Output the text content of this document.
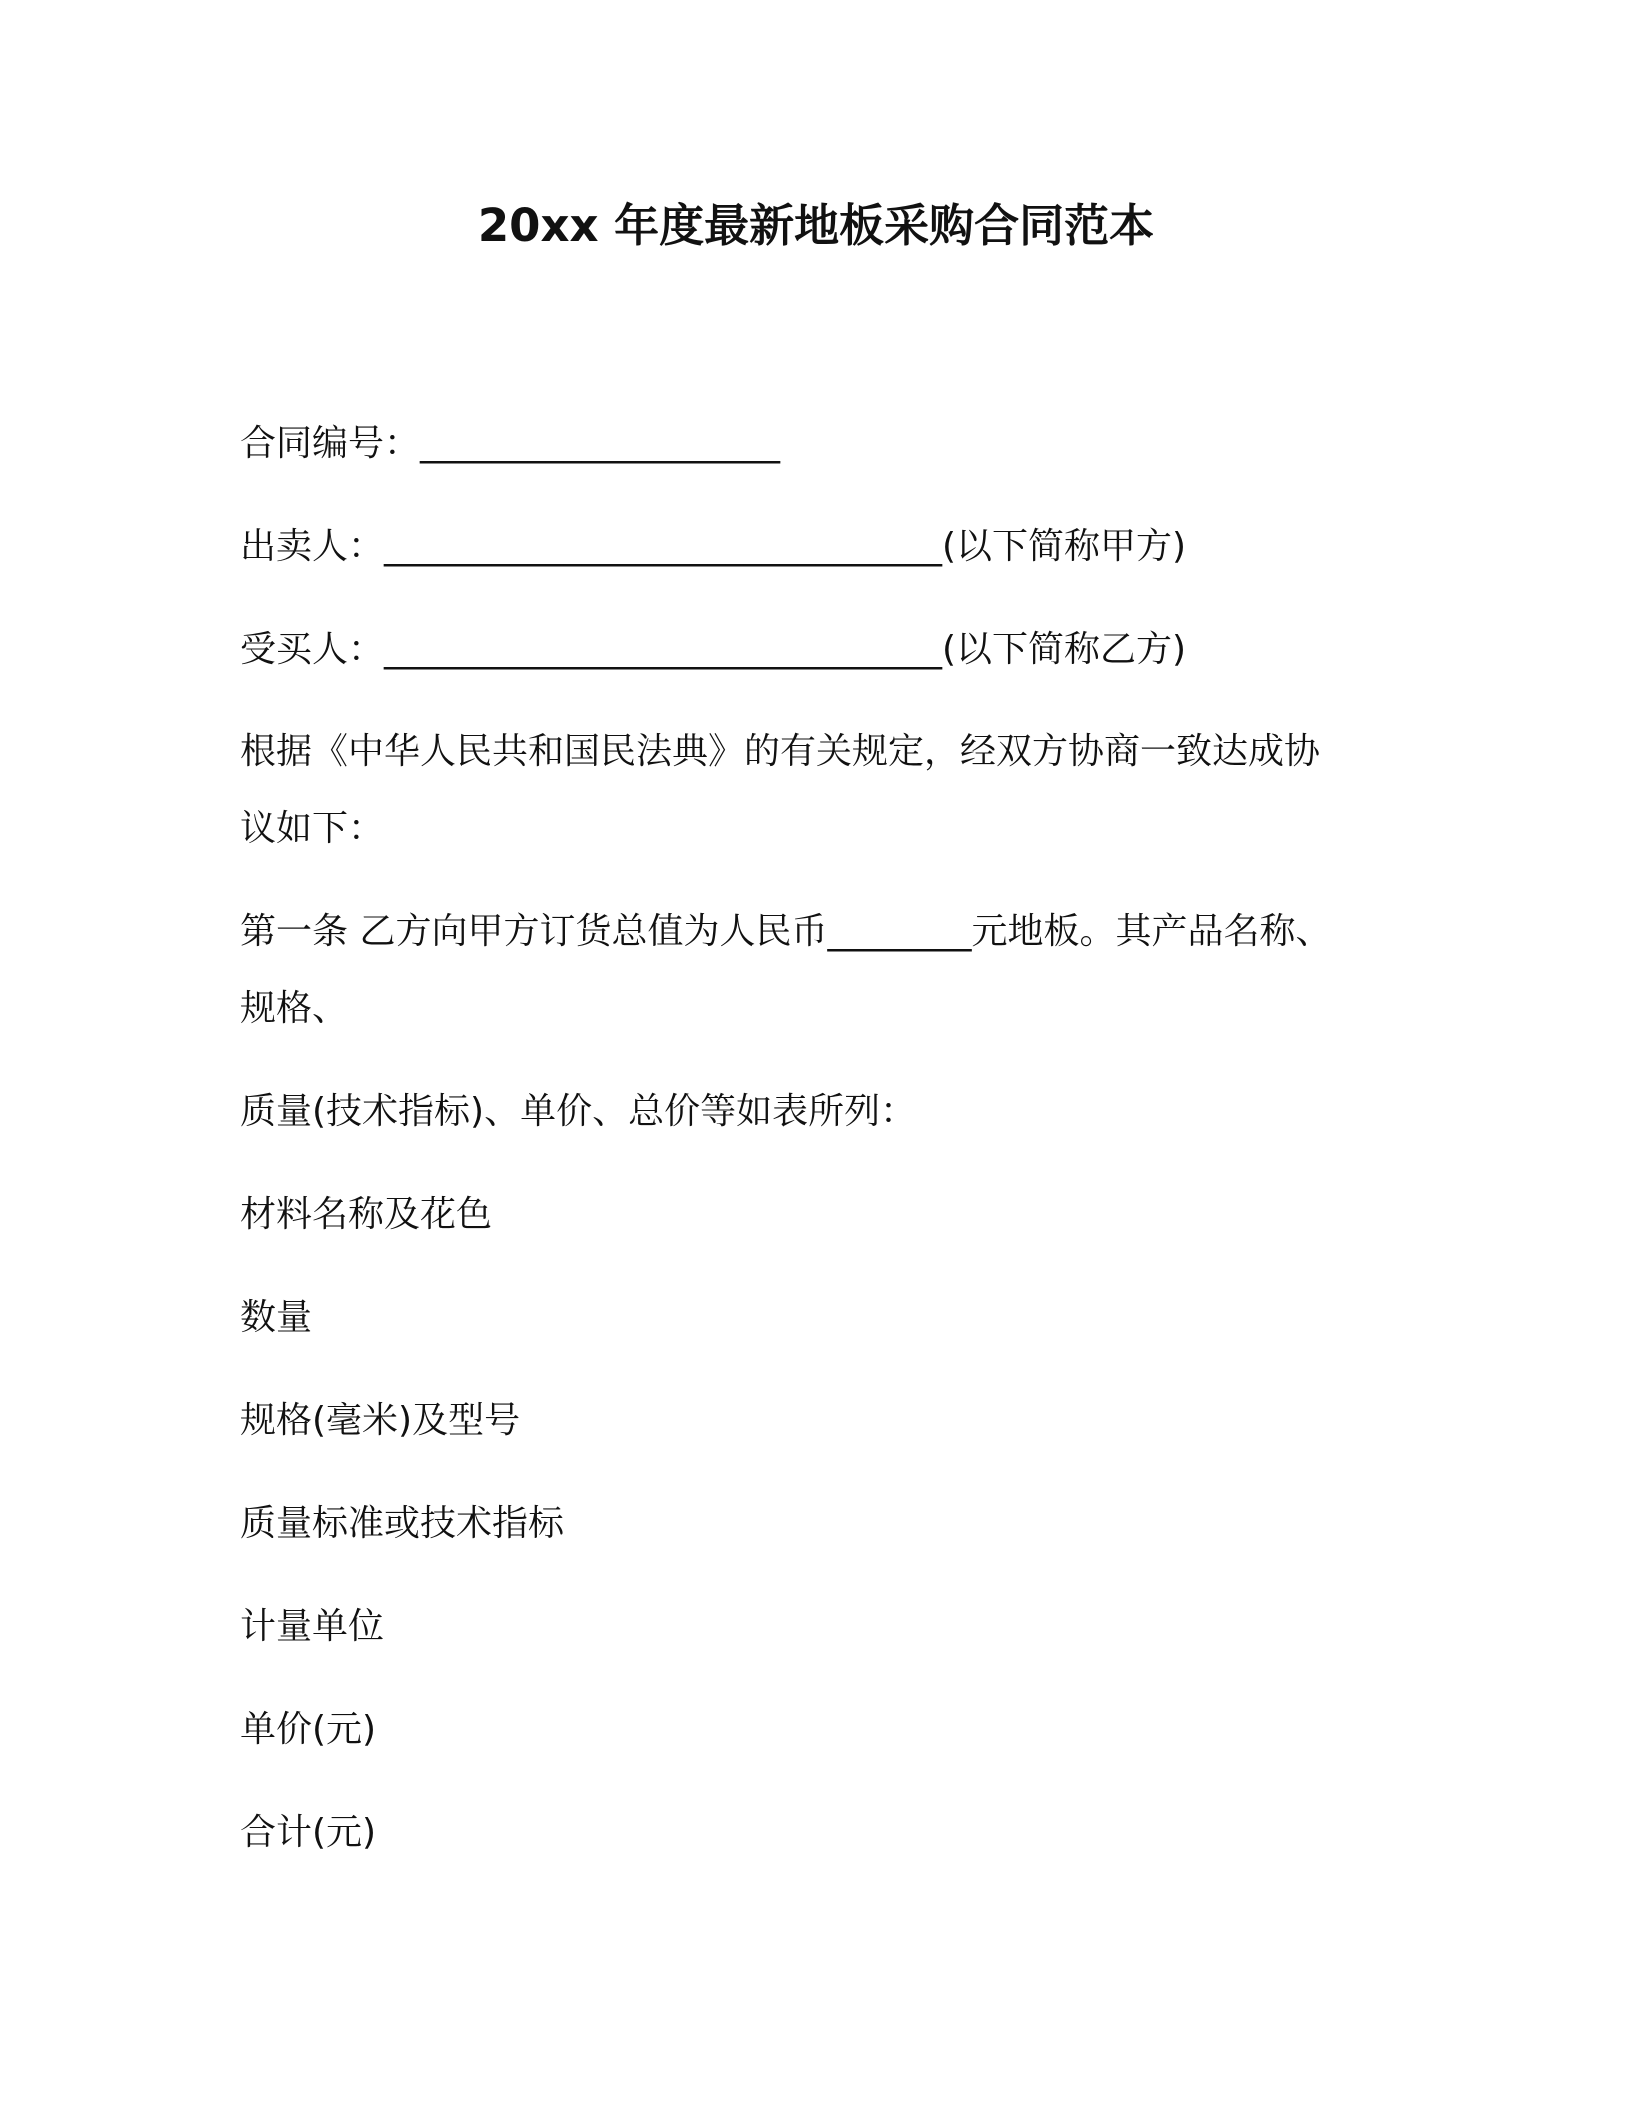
20xx 年度最新地板采购合同范本
合同编号：____________________
出卖人：_______________________________(以下简称甲方)
受买人：_______________________________(以下简称乙方)
根据《中华人民共和国民法典》的有关规定，经双方协商一致达成协
议如下：
第一条 乙方向甲方订货总值为人民币________元地板。其产品名称、
规格、
质量(技术指标)、单价、总价等如表所列：
材料名称及花色
数量
规格(毫米)及型号
质量标准或技术指标
计量单位
单价(元)
合计(元)
